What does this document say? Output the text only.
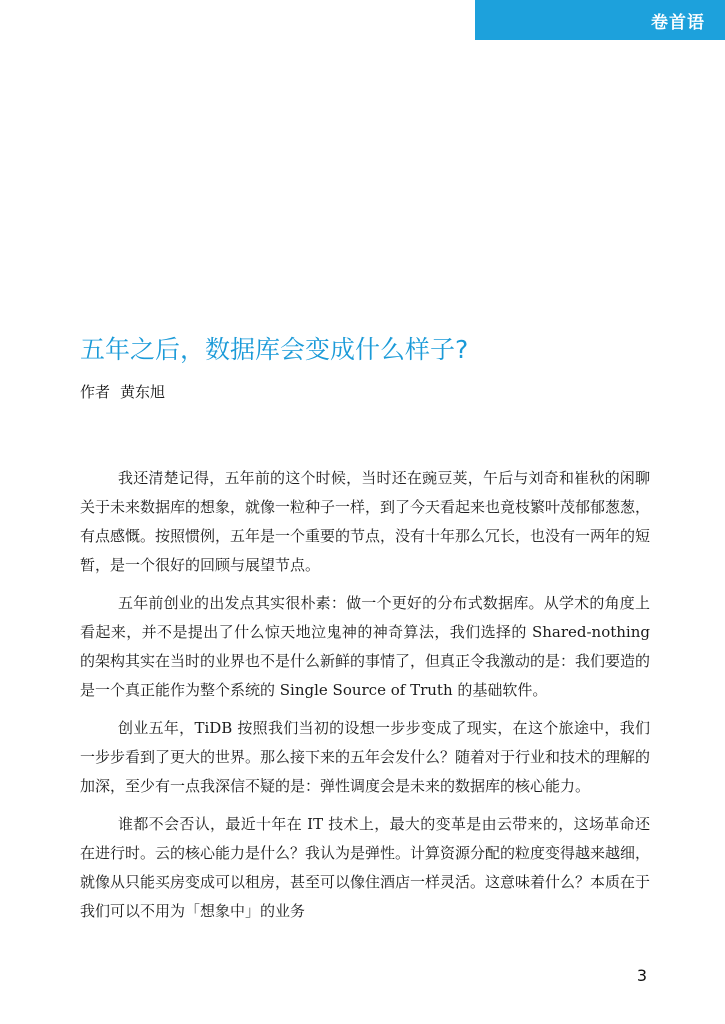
卷首语
五年之后，数据库会变成什么样子?
作者 黄东旭

我还清楚记得，五年前的这个时候，当时还在豌豆荚，午后与刘奇和崔秋的闲聊关于未来数据库的想象，就像一粒种子一样，到了今天看起来也竟枝繁叶茂郁郁葱葱，有点感慨。按照惯例，五年是一个重要的节点，没有十年那么冗长，也没有一两年的短暂，是一个很好的回顾与展望节点。

五年前创业的出发点其实很朴素：做一个更好的分布式数据库。从学术的角度上看起来，并不是提出了什么惊天地泣鬼神的神奇算法，我们选择的 Shared-nothing 的架构其实在当时的业界也不是什么新鲜的事情了，但真正令我激动的是：我们要造的是一个真正能作为整个系统的 Single Source of Truth 的基础软件。

创业五年，TiDB 按照我们当初的设想一步步变成了现实，在这个旅途中，我们一步步看到了更大的世界。那么接下来的五年会发什么？随着对于行业和技术的理解的加深，至少有一点我深信不疑的是：弹性调度会是未来的数据库的核心能力。

谁都不会否认，最近十年在 IT 技术上，最大的变革是由云带来的，这场革命还在进行时。云的核心能力是什么？我认为是弹性。计算资源分配的粒度变得越来越细，就像从只能买房变成可以租房，甚至可以像住酒店一样灵活。这意味着什么？本质在于我们可以不用为「想象中」的业务

3
